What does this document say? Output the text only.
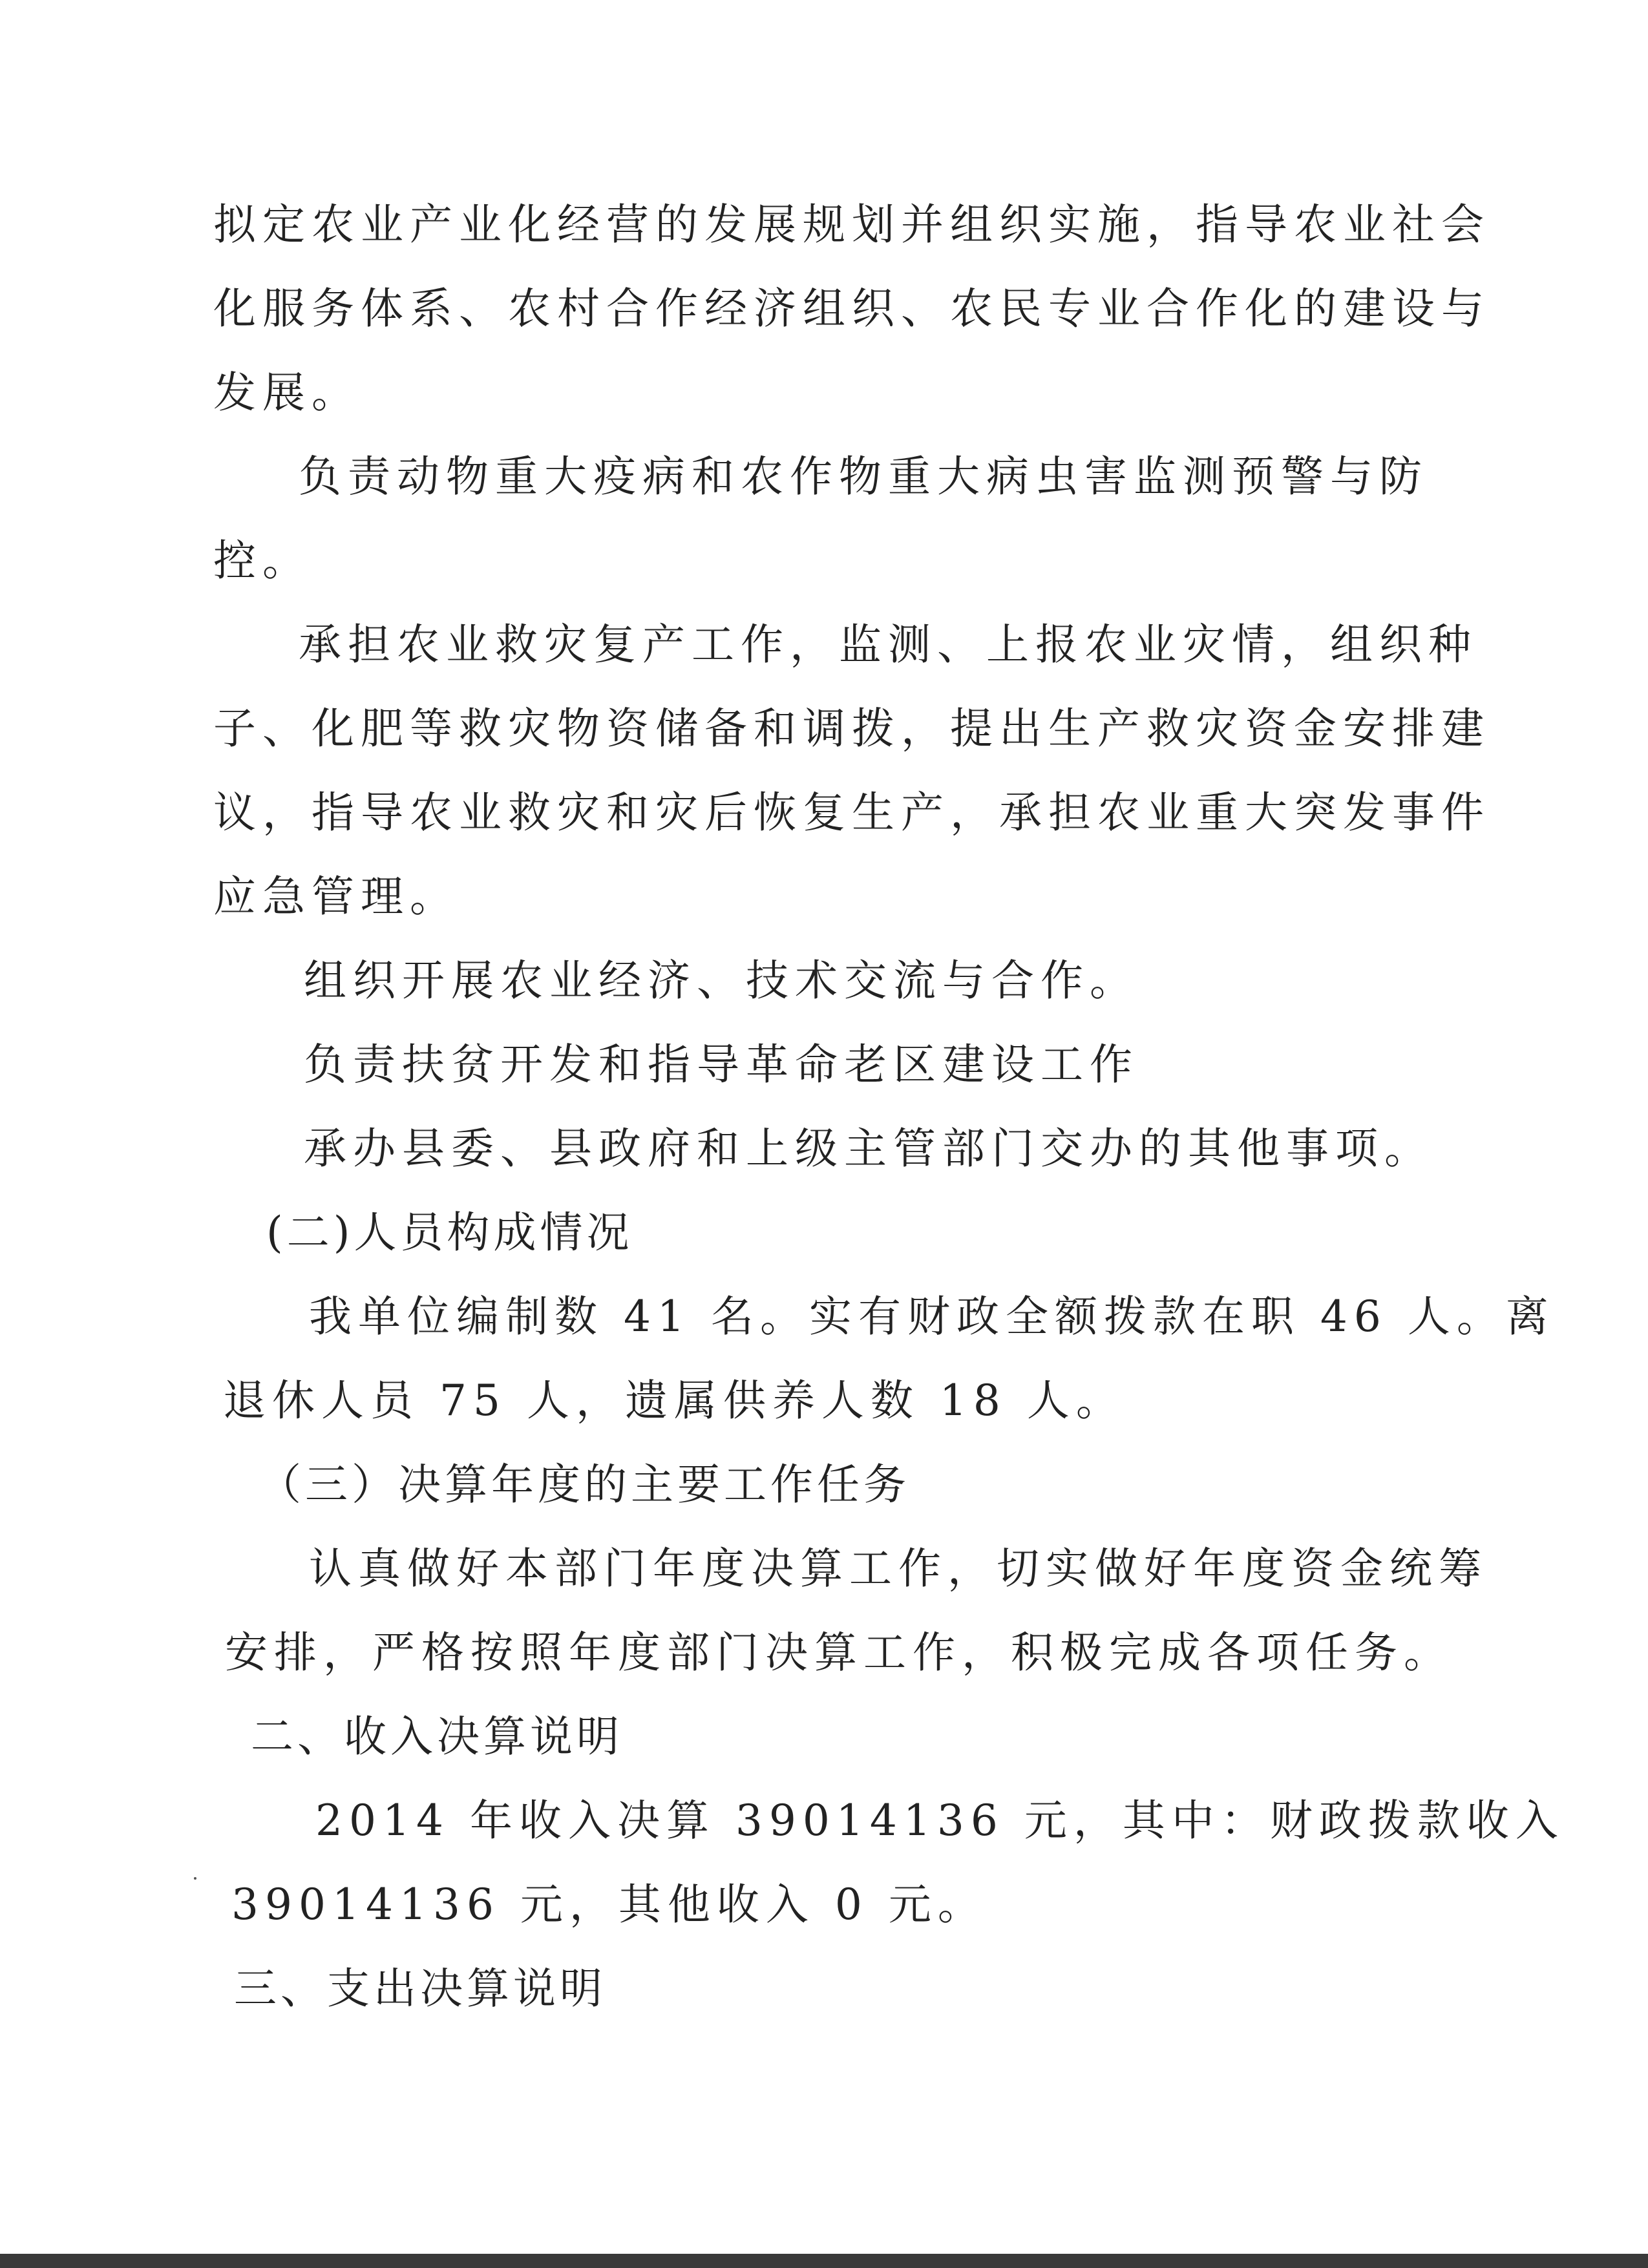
拟定农业产业化经营的发展规划并组织实施，指导农业社会

化服务体系、农村合作经济组织、农民专业合作化的建设与

发展。

负责动物重大疫病和农作物重大病虫害监测预警与防

控。

承担农业救灾复产工作，监测、上报农业灾情，组织种

子、化肥等救灾物资储备和调拨，提出生产救灾资金安排建

议，指导农业救灾和灾后恢复生产，承担农业重大突发事件

应急管理。

组织开展农业经济、技术交流与合作。

负责扶贫开发和指导革命老区建设工作

承办县委、县政府和上级主管部门交办的其他事项。

(二)人员构成情况

我单位编制数 41 名。实有财政全额拨款在职 46 人。离

退休人员 75 人，遗属供养人数 18 人。

（三）决算年度的主要工作任务

认真做好本部门年度决算工作，切实做好年度资金统筹

安排，严格按照年度部门决算工作，积极完成各项任务。

二、收入决算说明

2014 年收入决算 39014136 元，其中：财政拨款收入

39014136 元，其他收入 0 元。

三、支出决算说明
